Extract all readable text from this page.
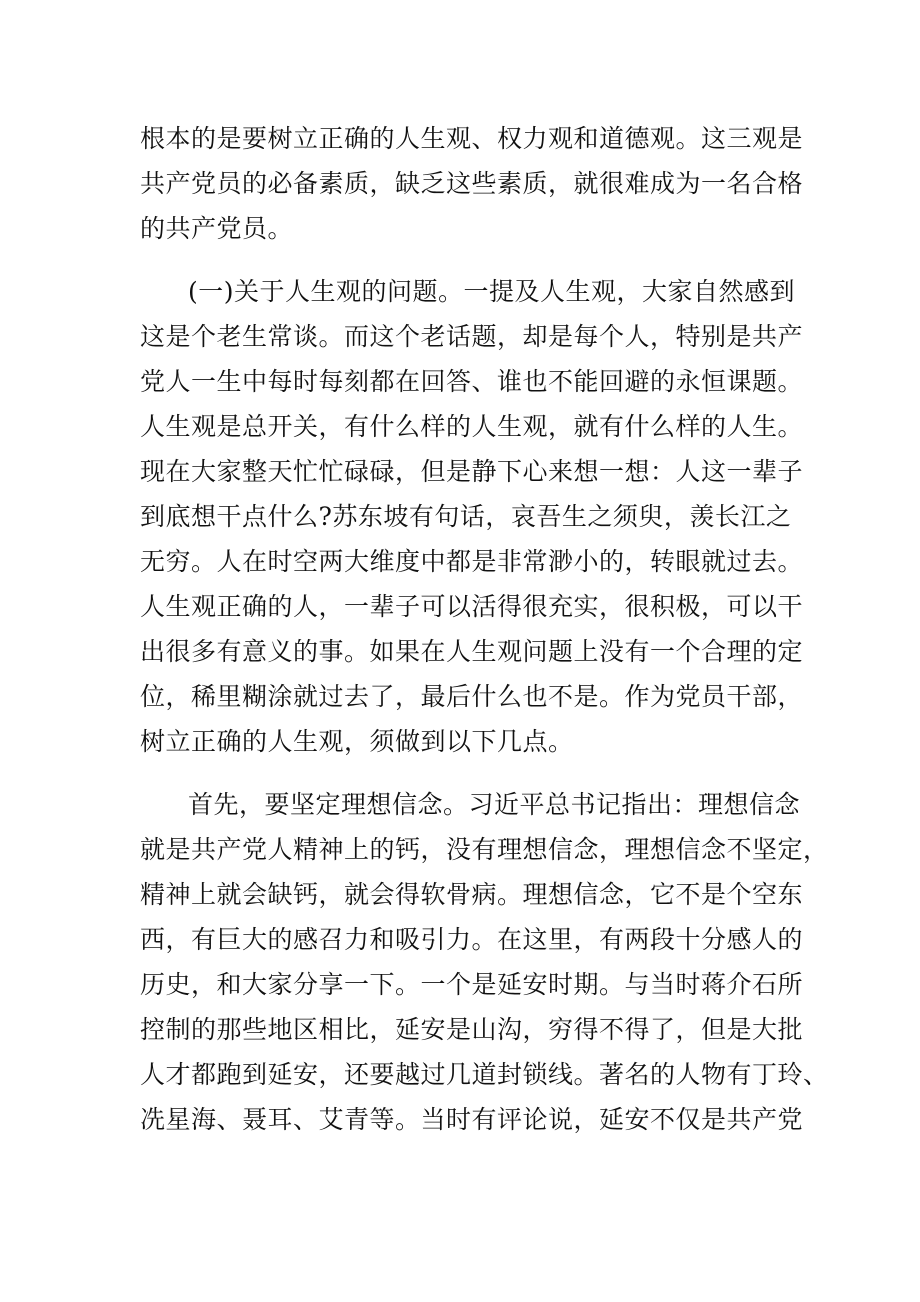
根本的是要树立正确的人生观、权力观和道德观。这三观是
共产党员的必备素质，缺乏这些素质，就很难成为一名合格
的共产党员。
(一)关于人生观的问题。一提及人生观，大家自然感到
这是个老生常谈。而这个老话题，却是每个人，特别是共产
党人一生中每时每刻都在回答、谁也不能回避的永恒课题。
人生观是总开关，有什么样的人生观，就有什么样的人生。
现在大家整天忙忙碌碌，但是静下心来想一想：人这一辈子
到底想干点什么?苏东坡有句话，哀吾生之须臾，羡长江之
无穷。人在时空两大维度中都是非常渺小的，转眼就过去。
人生观正确的人，一辈子可以活得很充实，很积极，可以干
出很多有意义的事。如果在人生观问题上没有一个合理的定
位，稀里糊涂就过去了，最后什么也不是。作为党员干部，
树立正确的人生观，须做到以下几点。
首先，要坚定理想信念。习近平总书记指出：理想信念
就是共产党人精神上的钙，没有理想信念，理想信念不坚定，
精神上就会缺钙，就会得软骨病。理想信念，它不是个空东
西，有巨大的感召力和吸引力。在这里，有两段十分感人的
历史，和大家分享一下。一个是延安时期。与当时蒋介石所
控制的那些地区相比，延安是山沟，穷得不得了，但是大批
人才都跑到延安，还要越过几道封锁线。著名的人物有丁玲、
冼星海、聂耳、艾青等。当时有评论说，延安不仅是共产党
